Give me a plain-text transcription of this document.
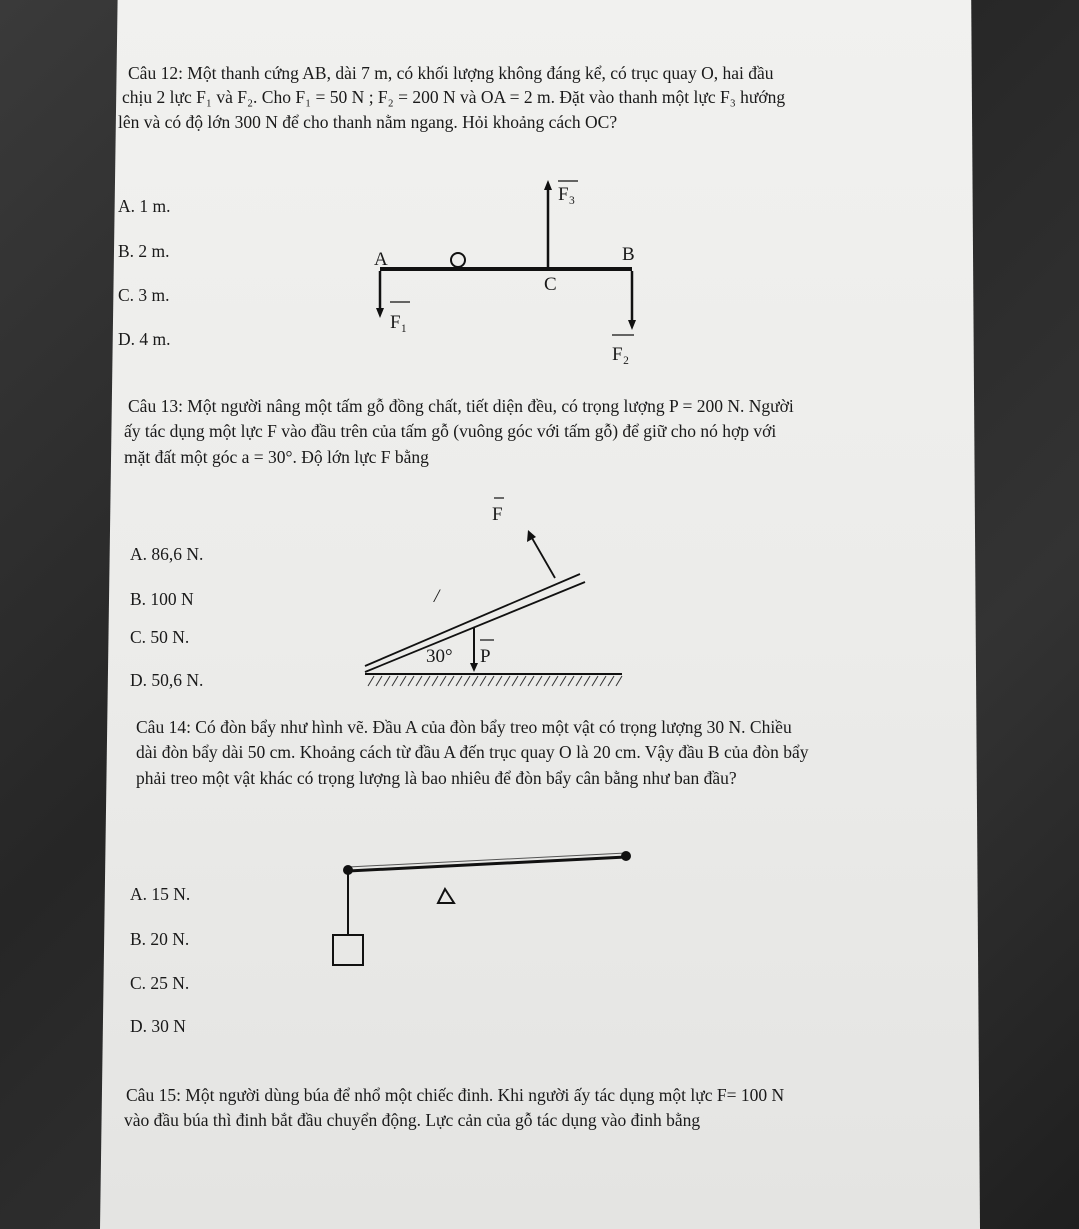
Câu 12: Một thanh cứng AB, dài 7 m, có khối lượng không đáng kể, có trục quay O, hai đầu
chịu 2 lực F₁ và F₂. Cho F₁ = 50 N ; F₂ = 200 N và OA = 2 m. Đặt vào thanh một lực F₃ hướng
lên và có độ lớn 300 N để cho thanh nằm ngang. Hỏi khoảng cách OC?
A. 1 m.
B. 2 m.
C. 3 m.
D. 4 m.
A	B
C
F₃
F₁
F₂
Câu 13: Một người nâng một tấm gỗ đồng chất, tiết diện đều, có trọng lượng P = 200 N. Người
ấy tác dụng một lực F vào đầu trên của tấm gỗ (vuông góc với tấm gỗ) để giữ cho nó hợp với
mặt đất một góc a = 30°. Độ lớn lực F bằng
A. 86,6 N.
B. 100 N
C. 50 N.
D. 50,6 N.
F
/
P
30°
Câu 14: Có đòn bẩy như hình vẽ. Đầu A của đòn bẩy treo một vật có trọng lượng 30 N. Chiều
dài đòn bẩy dài 50 cm. Khoảng cách từ đầu A đến trục quay O là 20 cm. Vậy đầu B của đòn bẩy
phải treo một vật khác có trọng lượng là bao nhiêu để đòn bẩy cân bằng như ban đầu?
A. 15 N.
B. 20 N.
C. 25 N.
D. 30 N
Câu 15: Một người dùng búa để nhổ một chiếc đinh. Khi người ấy tác dụng một lực F= 100 N
vào đầu búa thì đinh bắt đầu chuyển động. Lực cản của gỗ tác dụng vào đinh bằng
